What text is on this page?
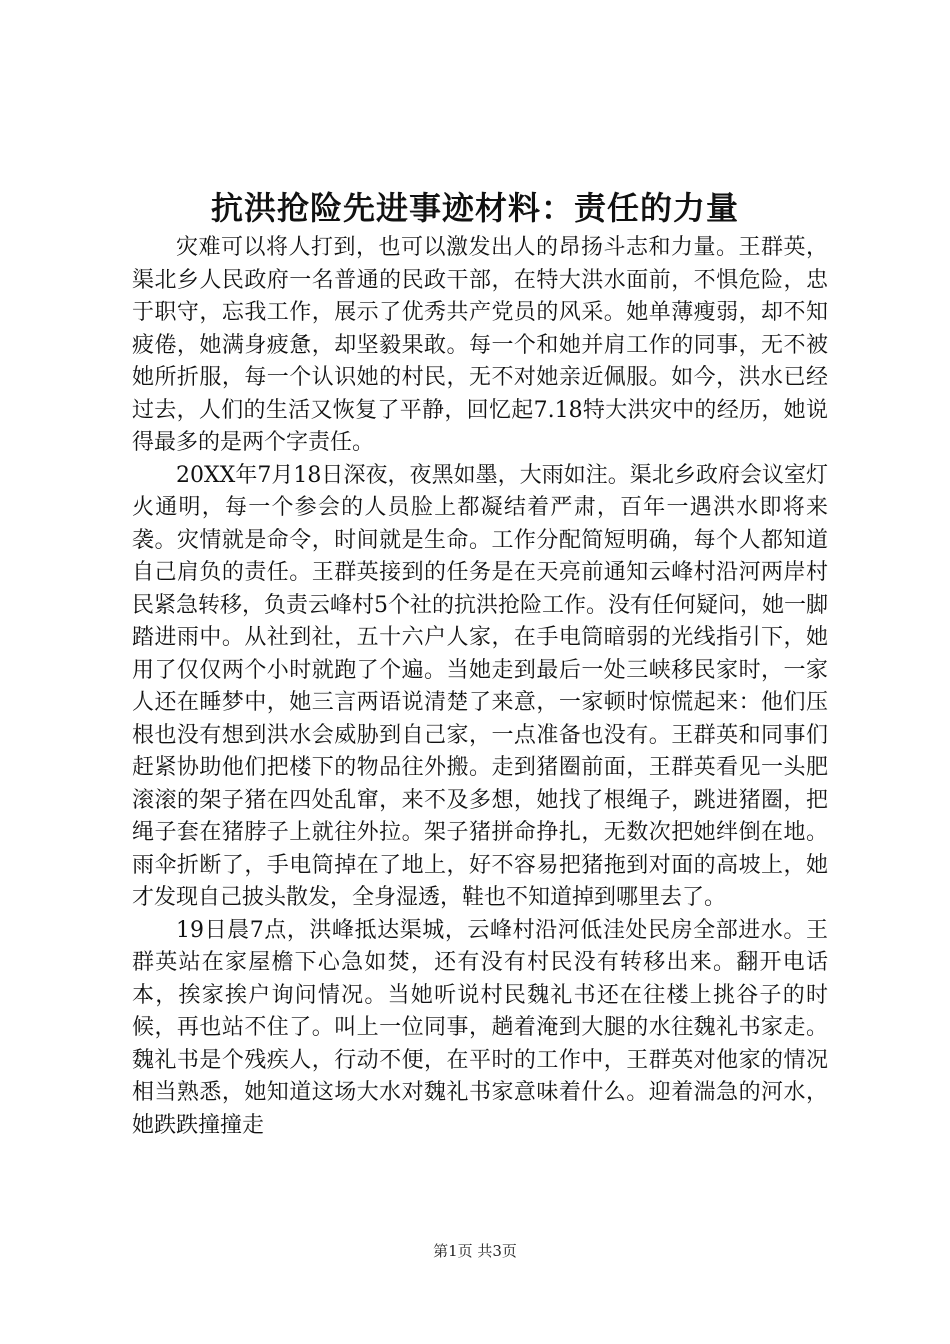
抗洪抢险先进事迹材料：责任的力量

灾难可以将人打到，也可以激发出人的昂扬斗志和力量。王群英，渠北乡人民政府一名普通的民政干部，在特大洪水面前，不惧危险，忠于职守，忘我工作，展示了优秀共产党员的风采。她单薄瘦弱，却不知疲倦，她满身疲惫，却坚毅果敢。每一个和她并肩工作的同事，无不被她所折服，每一个认识她的村民，无不对她亲近佩服。如今，洪水已经过去，人们的生活又恢复了平静，回忆起7.18特大洪灾中的经历，她说得最多的是两个字责任。

20XX年7月18日深夜，夜黑如墨，大雨如注。渠北乡政府会议室灯火通明，每一个参会的人员脸上都凝结着严肃，百年一遇洪水即将来袭。灾情就是命令，时间就是生命。工作分配简短明确，每个人都知道自己肩负的责任。王群英接到的任务是在天亮前通知云峰村沿河两岸村民紧急转移，负责云峰村5个社的抗洪抢险工作。没有任何疑问，她一脚踏进雨中。从社到社，五十六户人家，在手电筒暗弱的光线指引下，她用了仅仅两个小时就跑了个遍。当她走到最后一处三峡移民家时，一家人还在睡梦中，她三言两语说清楚了来意，一家顿时惊慌起来：他们压根也没有想到洪水会威胁到自己家，一点准备也没有。王群英和同事们赶紧协助他们把楼下的物品往外搬。走到猪圈前面，王群英看见一头肥滚滚的架子猪在四处乱窜，来不及多想，她找了根绳子，跳进猪圈，把绳子套在猪脖子上就往外拉。架子猪拼命挣扎，无数次把她绊倒在地。雨伞折断了，手电筒掉在了地上，好不容易把猪拖到对面的高坡上，她才发现自己披头散发，全身湿透，鞋也不知道掉到哪里去了。

19日晨7点，洪峰抵达渠城，云峰村沿河低洼处民房全部进水。王群英站在家屋檐下心急如焚，还有没有村民没有转移出来。翻开电话本，挨家挨户询问情况。当她听说村民魏礼书还在往楼上挑谷子的时候，再也站不住了。叫上一位同事，趟着淹到大腿的水往魏礼书家走。魏礼书是个残疾人，行动不便，在平时的工作中，王群英对他家的情况相当熟悉，她知道这场大水对魏礼书家意味着什么。迎着湍急的河水，她跌跌撞撞走

第1页 共3页
